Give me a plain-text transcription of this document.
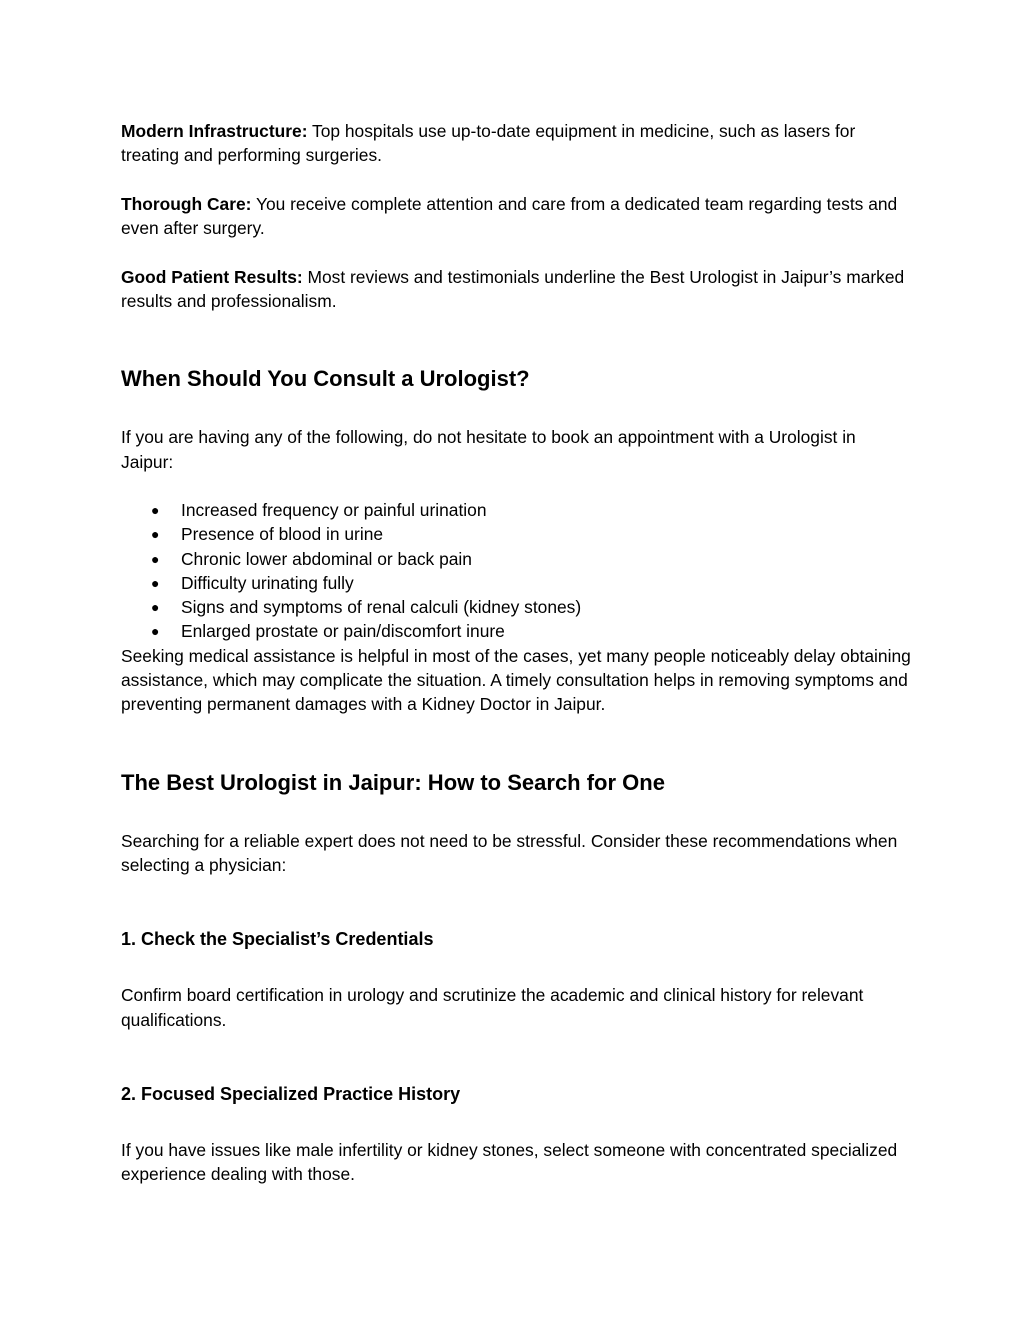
Modern Infrastructure: Top hospitals use up-to-date equipment in medicine, such as lasers for treating and performing surgeries.

Thorough Care: You receive complete attention and care from a dedicated team regarding tests and even after surgery.

Good Patient Results: Most reviews and testimonials underline the Best Urologist in Jaipur’s marked results and professionalism.

When Should You Consult a Urologist?

If you are having any of the following, do not hesitate to book an appointment with a Urologist in Jaipur:

● Increased frequency or painful urination
● Presence of blood in urine
● Chronic lower abdominal or back pain
● Difficulty urinating fully
● Signs and symptoms of renal calculi (kidney stones)
● Enlarged prostate or pain/discomfort inure

Seeking medical assistance is helpful in most of the cases, yet many people noticeably delay obtaining assistance, which may complicate the situation. A timely consultation helps in removing symptoms and preventing permanent damages with a Kidney Doctor in Jaipur.

The Best Urologist in Jaipur: How to Search for One

Searching for a reliable expert does not need to be stressful. Consider these recommendations when selecting a physician:

1. Check the Specialist’s Credentials

Confirm board certification in urology and scrutinize the academic and clinical history for relevant qualifications.

2. Focused Specialized Practice History

If you have issues like male infertility or kidney stones, select someone with concentrated specialized experience dealing with those.
